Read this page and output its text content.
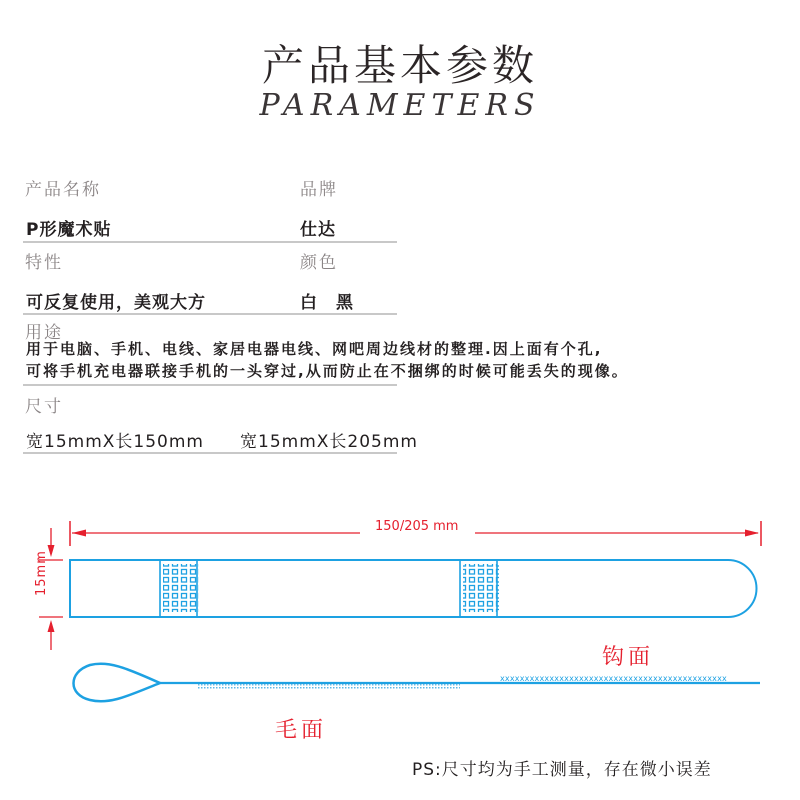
产品基本参数
PARAMETERS
产品名称	品牌
P形魔术贴	仕达
特性	颜色
可反复使用，美观大方	白　黑
用途
用于电脑、手机、电线、家居电器电线、网吧周边线材的整理.因上面有个孔,
可将手机充电器联接手机的一头穿过,从而防止在不捆绑的时候可能丢失的现像。
尺寸
宽15mmX长150mm 宽15mmX长205mm
xxxxxxxxxxxxxxxxxxxxxxxxxxxxxxxxxxxxxxxxxxxxxx
150/205 mm
15mm
钩面
毛面
PS:尺寸均为手工测量，存在微小误差
